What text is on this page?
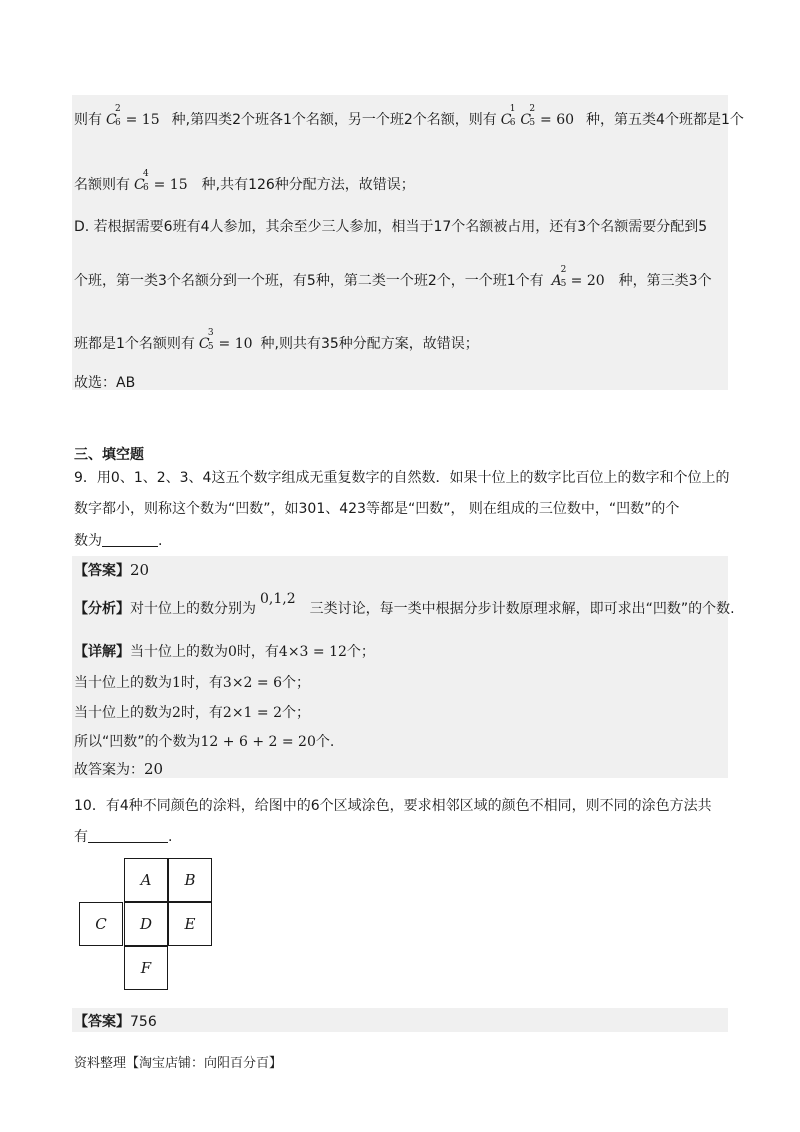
则有 C
2
6 = 15 种,第四类2个班各1个名额，另一个班2个名额，则有 C
1
6 C
2
5 = 60 种，第五类4个班都是1个
名额则有 C
4
6 = 15 种,共有126种分配方法，故错误；
D. 若根据需要6班有4人参加，其余至少三人参加，相当于17个名额被占用，还有3个名额需要分配到5
个班，第一类3个名额分到一个班，有5种，第二类一个班2个，一个班1个有 A
2
5 = 20 种，第三类3个
班都是1个名额则有 C
3
5 = 10 种,则共有35种分配方案，故错误；
故选：AB
三、填空题
9．用0、1、2、3、4这五个数字组成无重复数字的自然数．如果十位上的数字比百位上的数字和个位上的
数字都小，则称这个数为“凹数”，如301、423等都是“凹数”， 则在组成的三位数中，“凹数”的个
数为	.
【答案】20
【分析】对十位上的数分别为0,1,2三类讨论，每一类中根据分步计数原理求解，即可求出“凹数”的个数.
【详解】当十位上的数为0时，有4×3 = 12个；
当十位上的数为1时，有3×2 = 6个；
当十位上的数为2时，有2×1 = 2个；
所以“凹数”的个数为12 + 6 + 2 = 20个.
故答案为：20
10．有4种不同颜色的涂料，给图中的6个区域涂色，要求相邻区域的颜色不相同，则不同的涂色方法共
有	.
A	B
C	D	E
F
【答案】756
资料整理【淘宝店铺：向阳百分百】
